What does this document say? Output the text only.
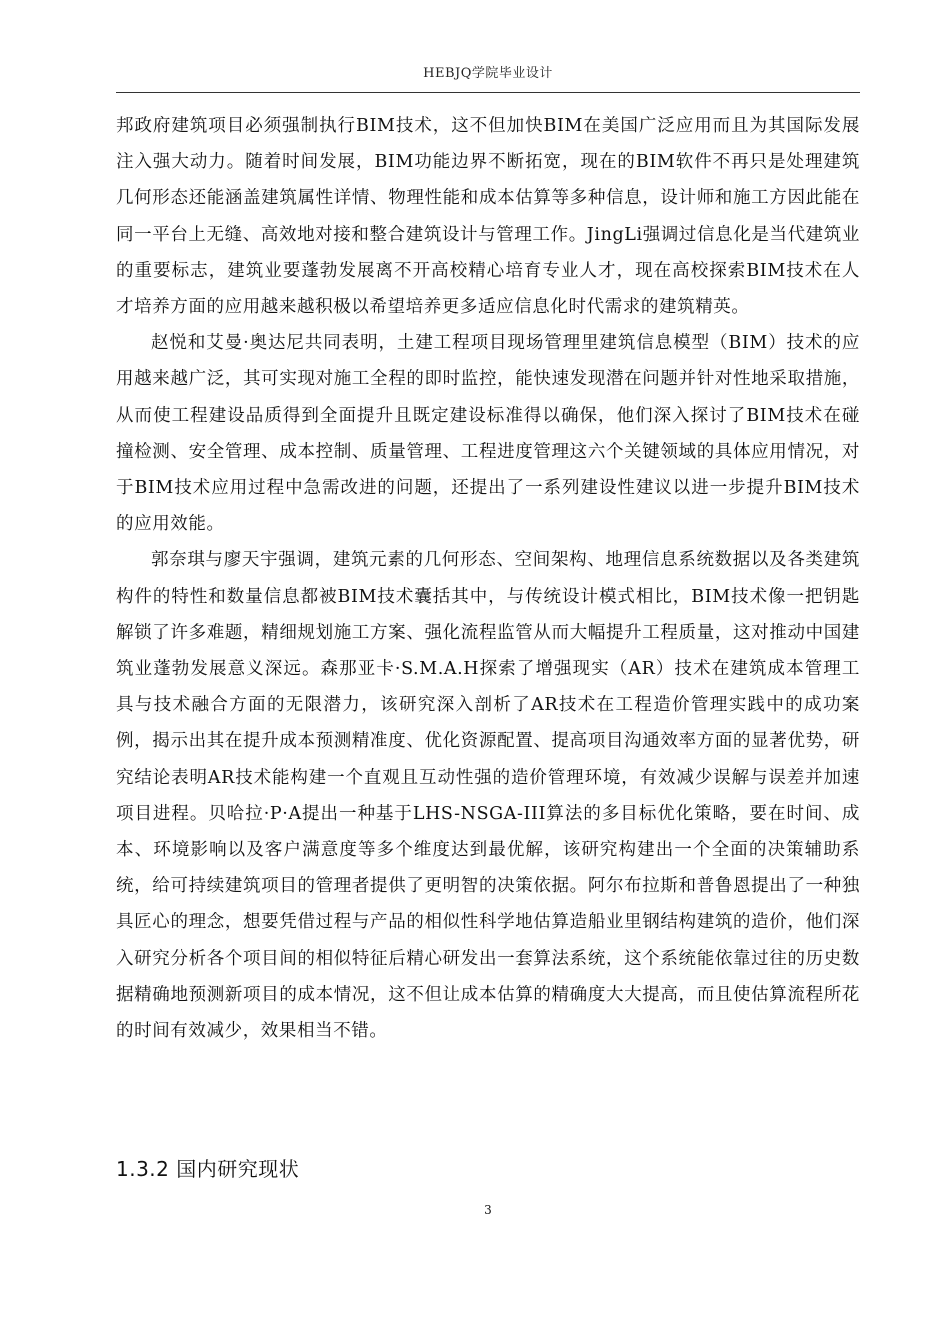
HEBJQ学院毕业设计

邦政府建筑项目必须强制执行BIM技术，这不但加快BIM在美国广泛应用而且为其国际发展注入强大动力。随着时间发展，BIM功能边界不断拓宽，现在的BIM软件不再只是处理建筑几何形态还能涵盖建筑属性详情、物理性能和成本估算等多种信息，设计师和施工方因此能在同一平台上无缝、高效地对接和整合建筑设计与管理工作。JingLi强调过信息化是当代建筑业的重要标志，建筑业要蓬勃发展离不开高校精心培育专业人才，现在高校探索BIM技术在人才培养方面的应用越来越积极以希望培养更多适应信息化时代需求的建筑精英。

赵悦和艾曼·奥达尼共同表明，土建工程项目现场管理里建筑信息模型（BIM）技术的应用越来越广泛，其可实现对施工全程的即时监控，能快速发现潜在问题并针对性地采取措施，从而使工程建设品质得到全面提升且既定建设标准得以确保，他们深入探讨了BIM技术在碰撞检测、安全管理、成本控制、质量管理、工程进度管理这六个关键领域的具体应用情况，对于BIM技术应用过程中急需改进的问题，还提出了一系列建设性建议以进一步提升BIM技术的应用效能。

郭奈琪与廖天宇强调，建筑元素的几何形态、空间架构、地理信息系统数据以及各类建筑构件的特性和数量信息都被BIM技术囊括其中，与传统设计模式相比，BIM技术像一把钥匙解锁了许多难题，精细规划施工方案、强化流程监管从而大幅提升工程质量，这对推动中国建筑业蓬勃发展意义深远。森那亚卡·S.M.A.H探索了增强现实（AR）技术在建筑成本管理工具与技术融合方面的无限潜力，该研究深入剖析了AR技术在工程造价管理实践中的成功案例，揭示出其在提升成本预测精准度、优化资源配置、提高项目沟通效率方面的显著优势，研究结论表明AR技术能构建一个直观且互动性强的造价管理环境，有效减少误解与误差并加速项目进程。贝哈拉·P·A提出一种基于LHS-NSGA-III算法的多目标优化策略，要在时间、成本、环境影响以及客户满意度等多个维度达到最优解，该研究构建出一个全面的决策辅助系统，给可持续建筑项目的管理者提供了更明智的决策依据。阿尔布拉斯和普鲁恩提出了一种独具匠心的理念，想要凭借过程与产品的相似性科学地估算造船业里钢结构建筑的造价，他们深入研究分析各个项目间的相似特征后精心研发出一套算法系统，这个系统能依靠过往的历史数据精确地预测新项目的成本情况，这不但让成本估算的精确度大大提高，而且使估算流程所花的时间有效减少，效果相当不错。

1.3.2 国内研究现状
3
